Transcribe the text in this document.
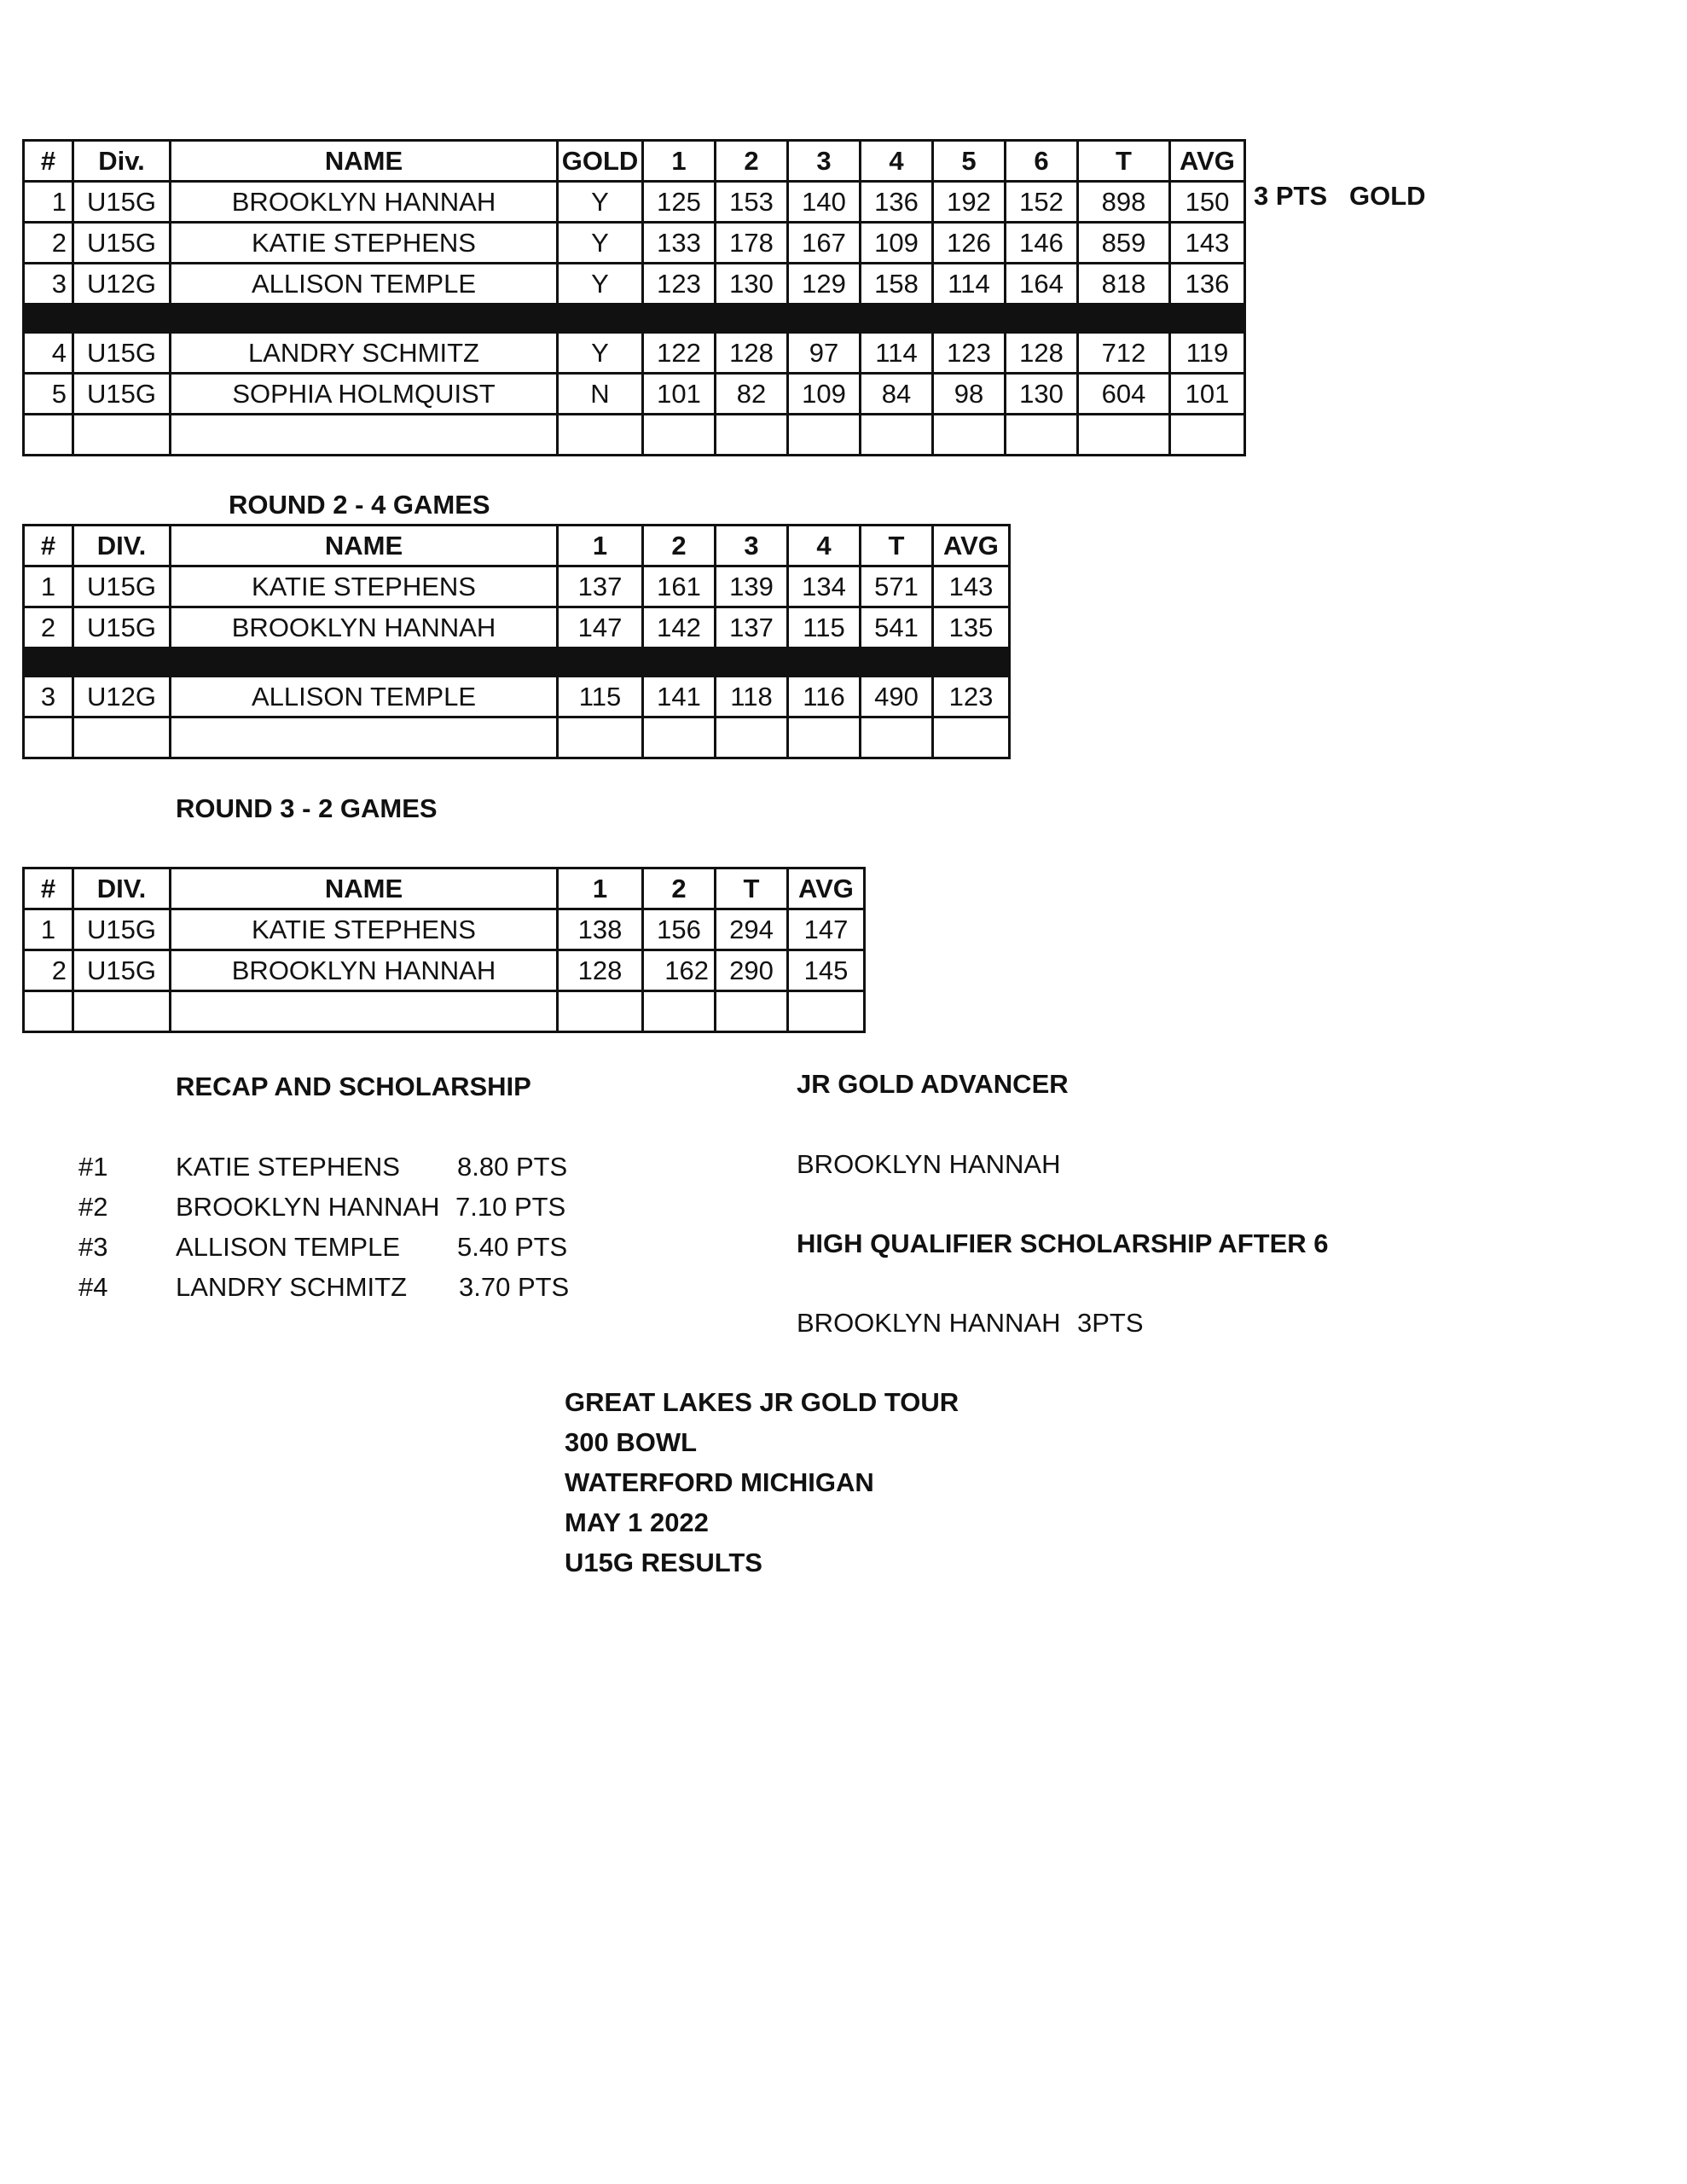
#	Div.	NAME	GOLD	1	2	3	4	5	6	T	AVG
1	U15G	BROOKLYN HANNAH	Y	125	153	140	136	192	152	898	150
2	U15G	KATIE STEPHENS	Y	133	178	167	109	126	146	859	143
3	U12G	ALLISON TEMPLE	Y	123	130	129	158	114	164	818	136

4	U15G	LANDRY SCHMITZ	Y	122	128	97	114	123	128	712	119
5	U15G	SOPHIA HOLMQUIST	N	101	82	109	84	98	130	604	101

3 PTS   GOLD
ROUND 2 - 4 GAMES
#	DIV.	NAME	1	2	3	4	T	AVG
1	U15G	KATIE STEPHENS	137	161	139	134	571	143
2	U15G	BROOKLYN HANNAH	147	142	137	115	541	135

3	U12G	ALLISON TEMPLE	115	141	118	116	490	123

ROUND 3 - 2 GAMES
#	DIV.	NAME	1	2	T	AVG
1	U15G	KATIE STEPHENS	138	156	294	147
2	U15G	BROOKLYN HANNAH	128	162	290	145

RECAP AND SCHOLARSHIP
#1	KATIE STEPHENS 8.80 PTS
#2	BROOKLYN HANNAH 7.10 PTS
#3	ALLISON TEMPLE 5.40 PTS
#4	LANDRY SCHMITZ 3.70 PTS
JR GOLD ADVANCER
BROOKLYN HANNAH
HIGH QUALIFIER SCHOLARSHIP AFTER 6
BROOKLYN HANNAH 3PTS
GREAT LAKES JR GOLD TOUR
300 BOWL
WATERFORD MICHIGAN
MAY 1 2022
U15G RESULTS
